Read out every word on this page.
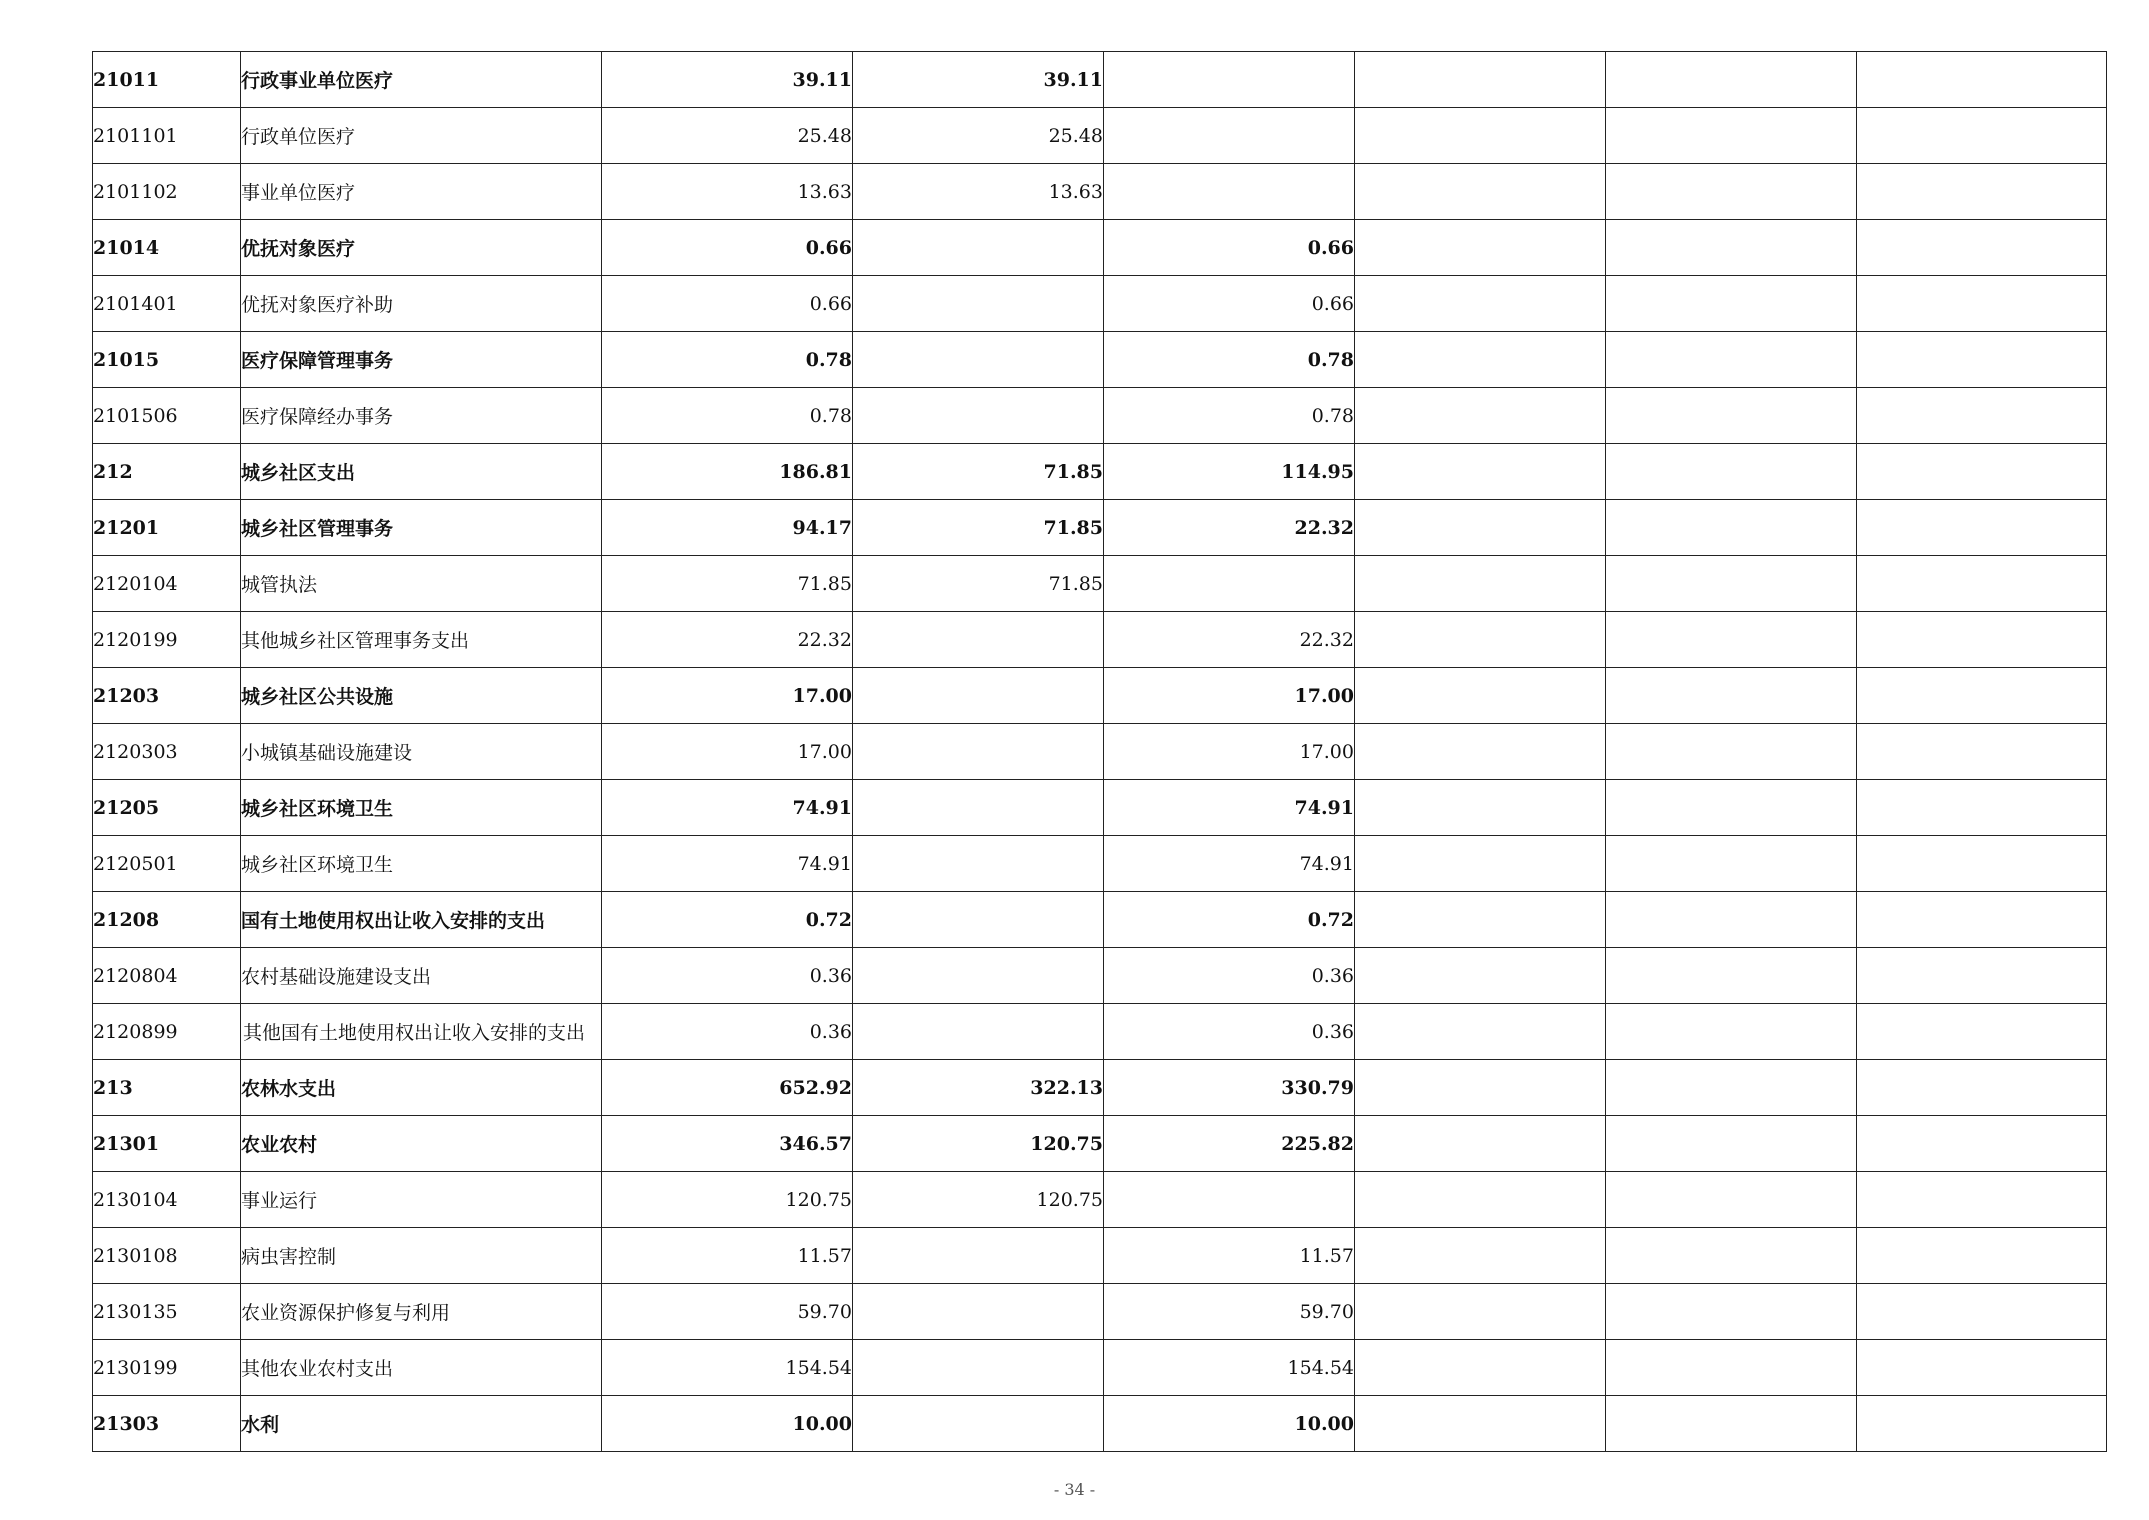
21011	行政事业单位医疗	39.11	39.11				
2101101	行政单位医疗	25.48	25.48				
2101102	事业单位医疗	13.63	13.63				
21014	优抚对象医疗	0.66		0.66			
2101401	优抚对象医疗补助	0.66		0.66			
21015	医疗保障管理事务	0.78		0.78			
2101506	医疗保障经办事务	0.78		0.78			
212	城乡社区支出	186.81	71.85	114.95			
21201	城乡社区管理事务	94.17	71.85	22.32			
2120104	城管执法	71.85	71.85				
2120199	其他城乡社区管理事务支出	22.32		22.32			
21203	城乡社区公共设施	17.00		17.00			
2120303	小城镇基础设施建设	17.00		17.00			
21205	城乡社区环境卫生	74.91		74.91			
2120501	城乡社区环境卫生	74.91		74.91			
21208	国有土地使用权出让收入安排的支出	0.72		0.72			
2120804	农村基础设施建设支出	0.36		0.36			
2120899	其他国有土地使用权出让收入安排的支出	0.36		0.36			
213	农林水支出	652.92	322.13	330.79			
21301	农业农村	346.57	120.75	225.82			
2130104	事业运行	120.75	120.75				
2130108	病虫害控制	11.57		11.57			
2130135	农业资源保护修复与利用	59.70		59.70			
2130199	其他农业农村支出	154.54		154.54			
21303	水利	10.00		10.00			
- 34 -
